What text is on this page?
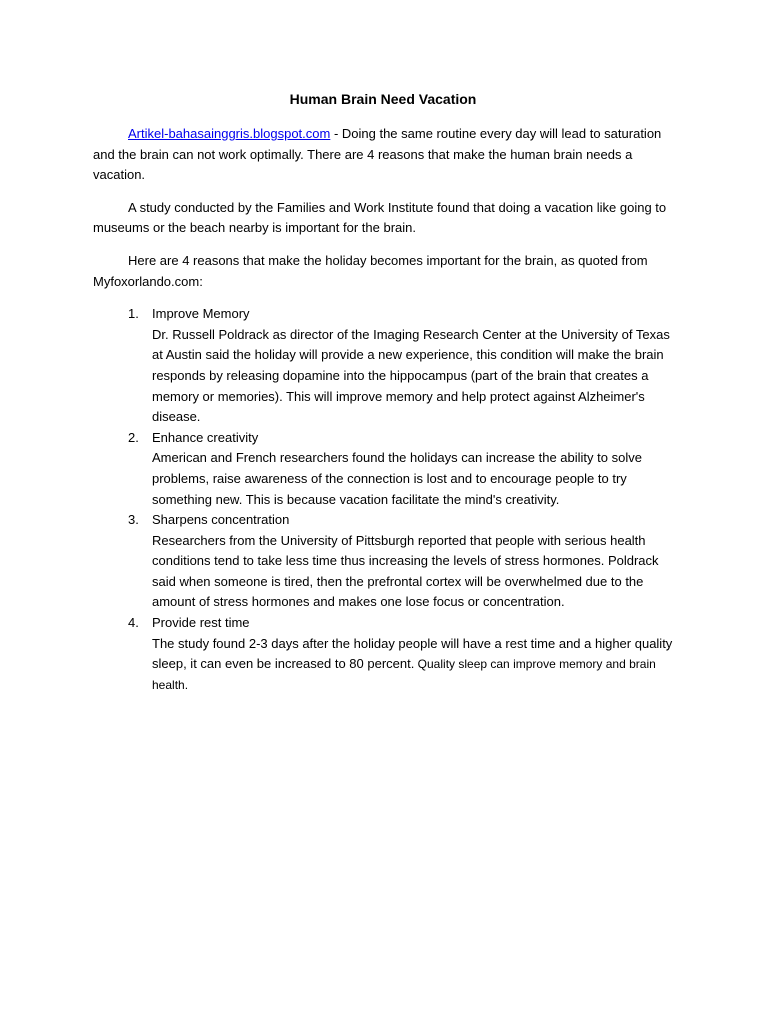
Human Brain Need Vacation

Artikel-bahasainggris.blogspot.com - Doing the same routine every day will lead to saturation and the brain can not work optimally. There are 4 reasons that make the human brain needs a vacation.

A study conducted by the Families and Work Institute found that doing a vacation like going to museums or the beach nearby is important for the brain.

Here are 4 reasons that make the holiday becomes important for the brain, as quoted from Myfoxorlando.com:

1. Improve Memory
Dr. Russell Poldrack as director of the Imaging Research Center at the University of Texas at Austin said the holiday will provide a new experience, this condition will make the brain responds by releasing dopamine into the hippocampus (part of the brain that creates a memory or memories). This will improve memory and help protect against Alzheimer's disease.
2. Enhance creativity
American and French researchers found the holidays can increase the ability to solve problems, raise awareness of the connection is lost and to encourage people to try something new. This is because vacation facilitate the mind's creativity.
3. Sharpens concentration
Researchers from the University of Pittsburgh reported that people with serious health conditions tend to take less time thus increasing the levels of stress hormones. Poldrack said when someone is tired, then the prefrontal cortex will be overwhelmed due to the amount of stress hormones and makes one lose focus or concentration.
4. Provide rest time
The study found 2-3 days after the holiday people will have a rest time and a higher quality sleep, it can even be increased to 80 percent. Quality sleep can improve memory and brain health.
